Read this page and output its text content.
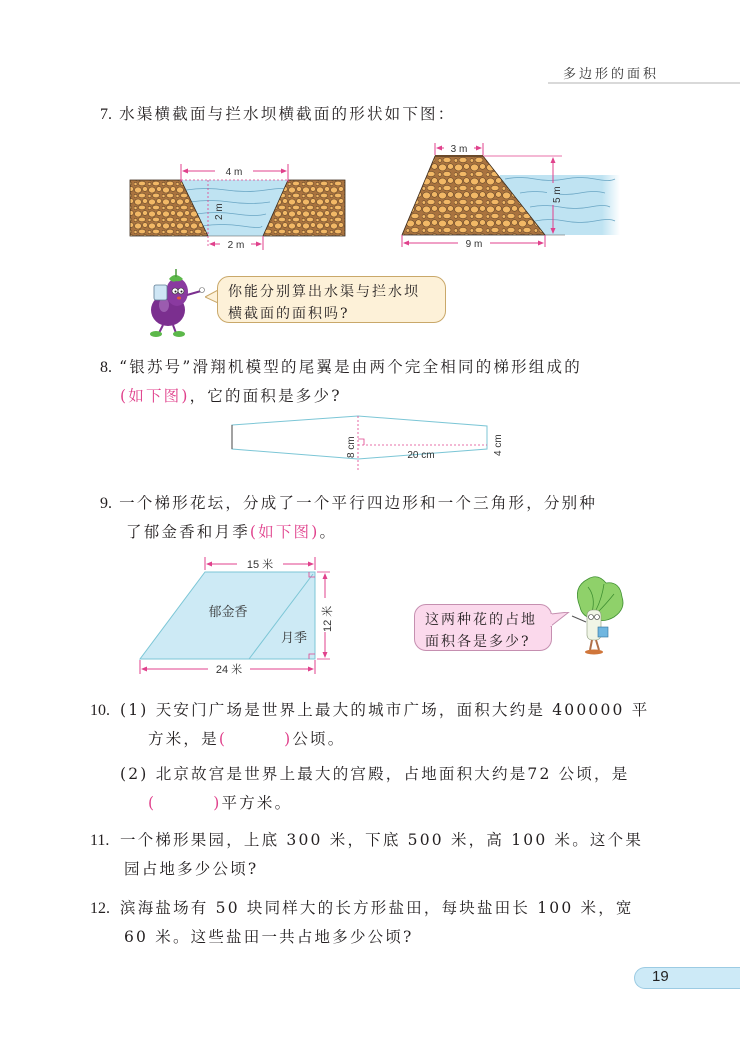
多边形的面积
7. 水渠横截面与拦水坝横截面的形状如下图：
4 m
2 m
2 m
3 m
5 m
9 m
你能分别算出水渠与拦水坝
横截面的面积吗?
8. “银苏号”滑翔机模型的尾翼是由两个完全相同的梯形组成的
(如下图)，它的面积是多少?
8 cm	20 cm	4 cm
9. 一个梯形花坛，分成了一个平行四边形和一个三角形，分别种
了郁金香和月季(如下图)。
15 米
12 米
24 米
郁金香
月季
这两种花的占地
面积各是多少?
10. (1) 天安门广场是世界上最大的城市广场，面积大约是 400000 平
方米，是(        )公顷。
(2) 北京故宫是世界上最大的宫殿，占地面积大约是72 公顷，是
(        )平方米。
11. 一个梯形果园，上底 300 米，下底 500 米，高 100 米。这个果
园占地多少公顷?
12. 滨海盐场有 50 块同样大的长方形盐田，每块盐田长 100 米，宽
60 米。这些盐田一共占地多少公顷?
19
